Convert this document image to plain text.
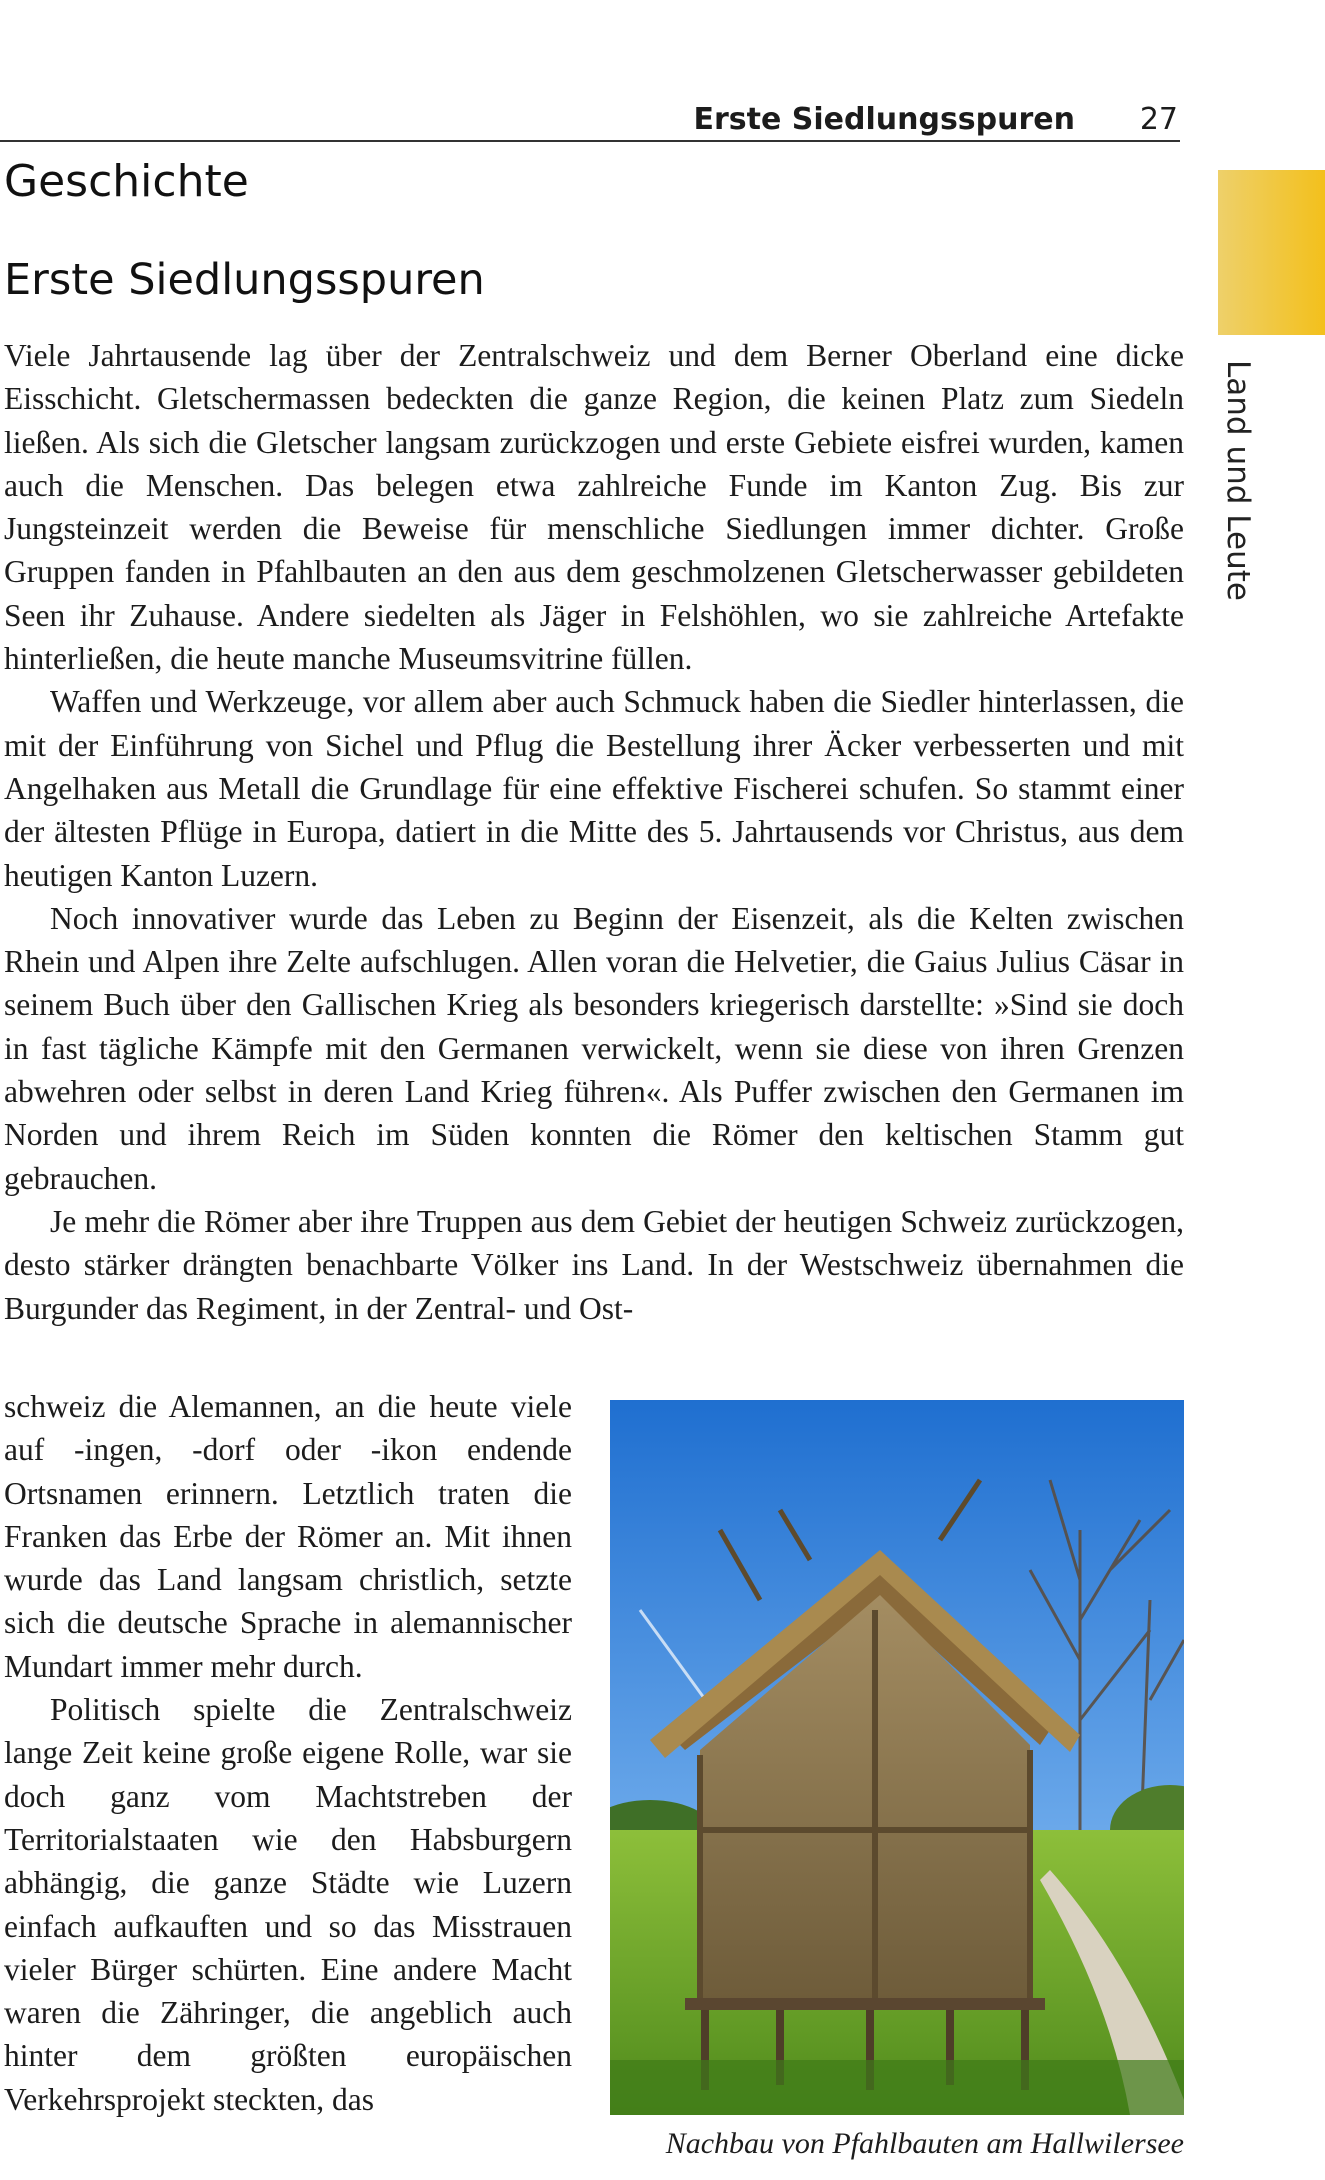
Erste Siedlungsspuren 27
Land und Leute
Geschichte
Erste Siedlungsspuren

Viele Jahrtausende lag über der Zentralschweiz und dem Berner Oberland eine dicke Eisschicht. Gletschermassen bedeckten die ganze Region, die keinen Platz zum Siedeln ließen. Als sich die Gletscher langsam zurückzogen und erste Gebiete eisfrei wurden, kamen auch die Menschen. Das belegen etwa zahlreiche Funde im Kanton Zug. Bis zur Jungsteinzeit werden die Beweise für menschliche Siedlungen immer dichter. Große Gruppen fanden in Pfahlbauten an den aus dem geschmolzenen Gletscherwasser gebildeten Seen ihr Zuhause. Andere siedelten als Jäger in Felshöhlen, wo sie zahlreiche Artefakte hinterließen, die heute manche Museumsvitrine füllen.

Waffen und Werkzeuge, vor allem aber auch Schmuck haben die Siedler hinterlassen, die mit der Einführung von Sichel und Pflug die Bestellung ihrer Äcker verbesserten und mit Angelhaken aus Metall die Grundlage für eine effektive Fischerei schufen. So stammt einer der ältesten Pflüge in Europa, datiert in die Mitte des 5. Jahrtausends vor Christus, aus dem heutigen Kanton Luzern.

Noch innovativer wurde das Leben zu Beginn der Eisenzeit, als die Kelten zwischen Rhein und Alpen ihre Zelte aufschlugen. Allen voran die Helvetier, die Gaius Julius Cäsar in seinem Buch über den Gallischen Krieg als besonders kriegerisch darstellte: »Sind sie doch in fast tägliche Kämpfe mit den Germanen verwickelt, wenn sie diese von ihren Grenzen abwehren oder selbst in deren Land Krieg führen«. Als Puffer zwischen den Germanen im Norden und ihrem Reich im Süden konnten die Römer den keltischen Stamm gut gebrauchen.

Je mehr die Römer aber ihre Truppen aus dem Gebiet der heutigen Schweiz zurückzogen, desto stärker drängten benachbarte Völker ins Land. In der Westschweiz übernahmen die Burgunder das Regiment, in der Zentral- und Ost-

schweiz die Alemannen, an die heute viele auf -ingen, -dorf oder -ikon endende Ortsnamen erinnern. Letztlich traten die Franken das Erbe der Römer an. Mit ihnen wurde das Land langsam christlich, setzte sich die deutsche Sprache in alemannischer Mundart immer mehr durch.

Politisch spielte die Zentralschweiz lange Zeit keine große eigene Rolle, war sie doch ganz vom Machtstreben der Territorialstaaten wie den Habsburgern abhängig, die ganze Städte wie Luzern einfach aufkauften und so das Misstrauen vieler Bürger schürten. Eine andere Macht waren die Zähringer, die angeblich auch hinter dem größten europäischen Verkehrsprojekt steckten, das

Nachbau von Pfahlbauten am Hallwilersee
